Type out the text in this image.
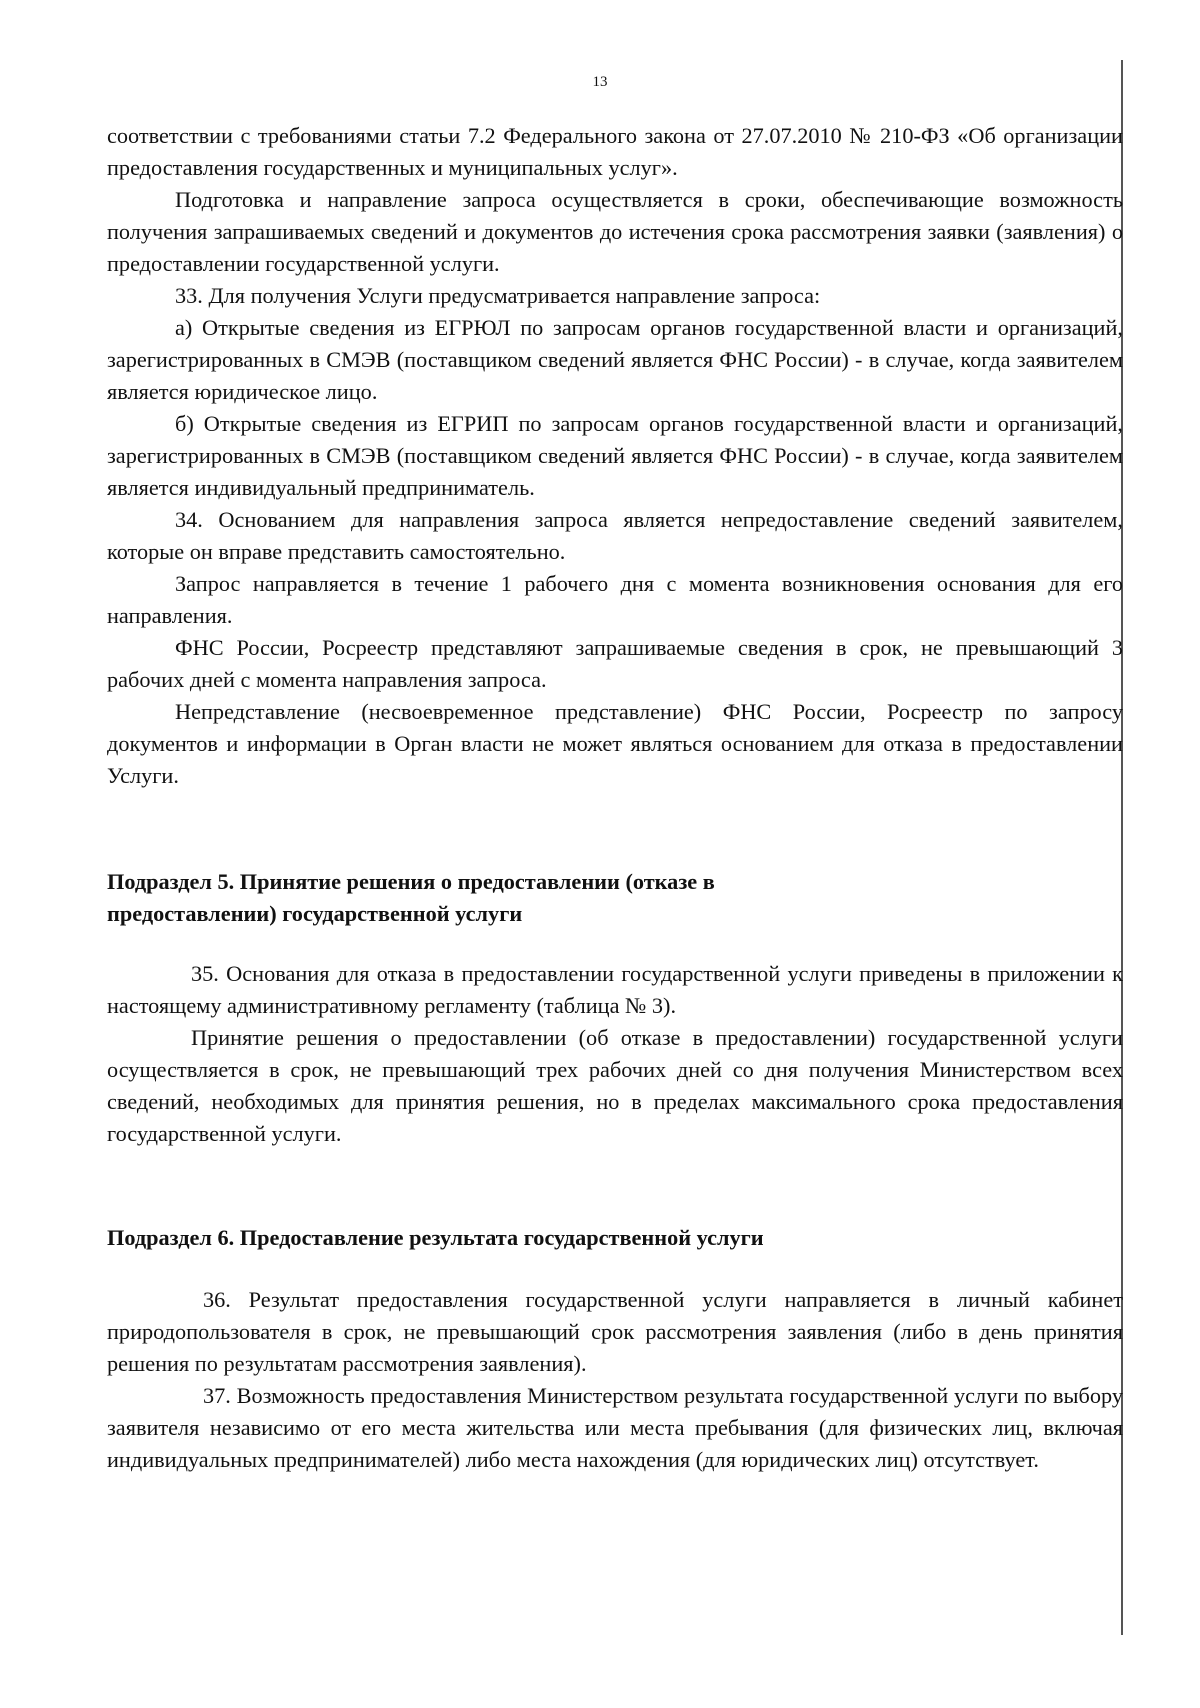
13

соответствии с требованиями статьи 7.2 Федерального закона от 27.07.2010 № 210-ФЗ «Об организации предоставления государственных и муниципальных услуг».

Подготовка и направление запроса осуществляется в сроки, обеспечивающие возможность получения запрашиваемых сведений и документов до истечения срока рассмотрения заявки (заявления) о предоставлении государственной услуги.

33. Для получения Услуги предусматривается направление запроса:

а) Открытые сведения из ЕГРЮЛ по запросам органов государственной власти и организаций, зарегистрированных в СМЭВ (поставщиком сведений является ФНС России) - в случае, когда заявителем является юридическое лицо.

б) Открытые сведения из ЕГРИП по запросам органов государственной власти и организаций, зарегистрированных в СМЭВ (поставщиком сведений является ФНС России) - в случае, когда заявителем является индивидуальный предприниматель.

34. Основанием для направления запроса является непредоставление сведений заявителем, которые он вправе представить самостоятельно.

Запрос направляется в течение 1 рабочего дня с момента возникновения основания для его направления.

ФНС России, Росреестр представляют запрашиваемые сведения в срок, не превышающий 3 рабочих дней с момента направления запроса.

Непредставление (несвоевременное представление) ФНС России, Росреестр по запросу документов и информации в Орган власти не может являться основанием для отказа в предоставлении Услуги.

Подраздел 5. Принятие решения о предоставлении (отказе в

предоставлении) государственной услуги

35. Основания для отказа в предоставлении государственной услуги приведены в приложении к настоящему административному регламенту (таблица № 3).

Принятие решения о предоставлении (об отказе в предоставлении) государственной услуги осуществляется в срок, не превышающий трех рабочих дней со дня получения Министерством всех сведений, необходимых для принятия решения, но в пределах максимального срока предоставления государственной услуги.

Подраздел 6. Предоставление результата государственной услуги

36. Результат предоставления государственной услуги направляется в личный кабинет природопользователя в срок, не превышающий срок рассмотрения заявления (либо в день принятия решения по результатам рассмотрения заявления).

37. Возможность предоставления Министерством результата государственной услуги по выбору заявителя независимо от его места жительства или места пребывания (для физических лиц, включая индивидуальных предпринимателей) либо места нахождения (для юридических лиц) отсутствует.
